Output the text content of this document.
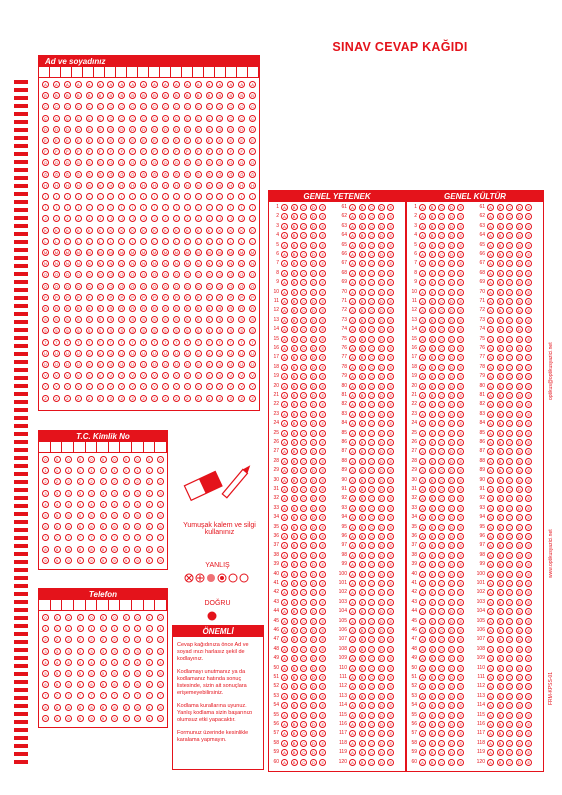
SINAV CEVAP KAĞIDI
Ad ve soyadınız
A	A	A	A	A	A	A	A	A	A	A	A	A	A	A	A	A	A	A	A
B	B	B	B	B	B	B	B	B	B	B	B	B	B	B	B	B	B	B	B
C	C	C	C	C	C	C	C	C	C	C	C	C	C	C	C	C	C	C	C
Ç	Ç	Ç	Ç	Ç	Ç	Ç	Ç	Ç	Ç	Ç	Ç	Ç	Ç	Ç	Ç	Ç	Ç	Ç	Ç
D	D	D	D	D	D	D	D	D	D	D	D	D	D	D	D	D	D	D	D
E	E	E	E	E	E	E	E	E	E	E	E	E	E	E	E	E	E	E	E
F	F	F	F	F	F	F	F	F	F	F	F	F	F	F	F	F	F	F	F
G	G	G	G	G	G	G	G	G	G	G	G	G	G	G	G	G	G	G	G
Ğ	Ğ	Ğ	Ğ	Ğ	Ğ	Ğ	Ğ	Ğ	Ğ	Ğ	Ğ	Ğ	Ğ	Ğ	Ğ	Ğ	Ğ	Ğ	Ğ
H	H	H	H	H	H	H	H	H	H	H	H	H	H	H	H	H	H	H	H
I	I	I	I	I	I	I	I	I	I	I	I	I	I	I	I	I	I	I	I
İ	İ	İ	İ	İ	İ	İ	İ	İ	İ	İ	İ	İ	İ	İ	İ	İ	İ	İ	İ
J	J	J	J	J	J	J	J	J	J	J	J	J	J	J	J	J	J	J	J
K	K	K	K	K	K	K	K	K	K	K	K	K	K	K	K	K	K	K	K
L	L	L	L	L	L	L	L	L	L	L	L	L	L	L	L	L	L	L	L
M	M	M	M	M	M	M	M	M	M	M	M	M	M	M	M	M	M	M	M
N	N	N	N	N	N	N	N	N	N	N	N	N	N	N	N	N	N	N	N
O	O	O	O	O	O	O	O	O	O	O	O	O	O	O	O	O	O	O	O
Ö	Ö	Ö	Ö	Ö	Ö	Ö	Ö	Ö	Ö	Ö	Ö	Ö	Ö	Ö	Ö	Ö	Ö	Ö	Ö
P	P	P	P	P	P	P	P	P	P	P	P	P	P	P	P	P	P	P	P
R	R	R	R	R	R	R	R	R	R	R	R	R	R	R	R	R	R	R	R
S	S	S	S	S	S	S	S	S	S	S	S	S	S	S	S	S	S	S	S
Ş	Ş	Ş	Ş	Ş	Ş	Ş	Ş	Ş	Ş	Ş	Ş	Ş	Ş	Ş	Ş	Ş	Ş	Ş	Ş
T	T	T	T	T	T	T	T	T	T	T	T	T	T	T	T	T	T	T	T
U	U	U	U	U	U	U	U	U	U	U	U	U	U	U	U	U	U	U	U
Ü	Ü	Ü	Ü	Ü	Ü	Ü	Ü	Ü	Ü	Ü	Ü	Ü	Ü	Ü	Ü	Ü	Ü	Ü	Ü
V	V	V	V	V	V	V	V	V	V	V	V	V	V	V	V	V	V	V	V
Y	Y	Y	Y	Y	Y	Y	Y	Y	Y	Y	Y	Y	Y	Y	Y	Y	Y	Y	Y
Z	Z	Z	Z	Z	Z	Z	Z	Z	Z	Z	Z	Z	Z	Z	Z	Z	Z	Z	Z
T.C. Kimlik No
0	0	0	0	0	0	0	0	0	0	0
1	1	1	1	1	1	1	1	1	1	1
2	2	2	2	2	2	2	2	2	2	2
3	3	3	3	3	3	3	3	3	3	3
4	4	4	4	4	4	4	4	4	4	4
5	5	5	5	5	5	5	5	5	5	5
6	6	6	6	6	6	6	6	6	6	6
7	7	7	7	7	7	7	7	7	7	7
8	8	8	8	8	8	8	8	8	8	8
9	9	9	9	9	9	9	9	9	9	9
Telefon
0	0	0	0	0	0	0	0	0	0	0
1	1	1	1	1	1	1	1	1	1	1
2	2	2	2	2	2	2	2	2	2	2
3	3	3	3	3	3	3	3	3	3	3
4	4	4	4	4	4	4	4	4	4	4
5	5	5	5	5	5	5	5	5	5	5
6	6	6	6	6	6	6	6	6	6	6
7	7	7	7	7	7	7	7	7	7	7
8	8	8	8	8	8	8	8	8	8	8
9	9	9	9	9	9	9	9	9	9	9
Yumuşak kalem ve silgi kullanınız
YANLIŞ
DOĞRU
ÖNEMLİ
Cevap kağıdınıza önce Ad ve soyad ınızı harlasız şekil de kodlayınız.
Kodlamayı unutmanız ya da kodlamanız hatında sonuç listesinde, sizin ait sonuçlara erişemeyebilirsiniz.
Kodlama kurallarına uyunuz. Yanlış kodlama sizin başarınızı olumsuz etki yapacaktır.
Formunuz üzerinde kesinlikle karalama yapmayın.
GENEL YETENEK
1	A	B	C	D	E
2	A	B	C	D	E
3	A	B	C	D	E
4	A	B	C	D	E
5	A	B	C	D	E
6	A	B	C	D	E
7	A	B	C	D	E
8	A	B	C	D	E
9	A	B	C	D	E
10	A	B	C	D	E
11	A	B	C	D	E
12	A	B	C	D	E
13	A	B	C	D	E
14	A	B	C	D	E
15	A	B	C	D	E
16	A	B	C	D	E
17	A	B	C	D	E
18	A	B	C	D	E
19	A	B	C	D	E
20	A	B	C	D	E
21	A	B	C	D	E
22	A	B	C	D	E
23	A	B	C	D	E
24	A	B	C	D	E
25	A	B	C	D	E
26	A	B	C	D	E
27	A	B	C	D	E
28	A	B	C	D	E
29	A	B	C	D	E
30	A	B	C	D	E
31	A	B	C	D	E
32	A	B	C	D	E
33	A	B	C	D	E
34	A	B	C	D	E
35	A	B	C	D	E
36	A	B	C	D	E
37	A	B	C	D	E
38	A	B	C	D	E
39	A	B	C	D	E
40	A	B	C	D	E
41	A	B	C	D	E
42	A	B	C	D	E
43	A	B	C	D	E
44	A	B	C	D	E
45	A	B	C	D	E
46	A	B	C	D	E
47	A	B	C	D	E
48	A	B	C	D	E
49	A	B	C	D	E
50	A	B	C	D	E
51	A	B	C	D	E
52	A	B	C	D	E
53	A	B	C	D	E
54	A	B	C	D	E
55	A	B	C	D	E
56	A	B	C	D	E
57	A	B	C	D	E
58	A	B	C	D	E
59	A	B	C	D	E
60	A	B	C	D	E
61	A	B	C	D	E
62	A	B	C	D	E
63	A	B	C	D	E
64	A	B	C	D	E
65	A	B	C	D	E
66	A	B	C	D	E
67	A	B	C	D	E
68	A	B	C	D	E
69	A	B	C	D	E
70	A	B	C	D	E
71	A	B	C	D	E
72	A	B	C	D	E
73	A	B	C	D	E
74	A	B	C	D	E
75	A	B	C	D	E
76	A	B	C	D	E
77	A	B	C	D	E
78	A	B	C	D	E
79	A	B	C	D	E
80	A	B	C	D	E
81	A	B	C	D	E
82	A	B	C	D	E
83	A	B	C	D	E
84	A	B	C	D	E
85	A	B	C	D	E
86	A	B	C	D	E
87	A	B	C	D	E
88	A	B	C	D	E
89	A	B	C	D	E
90	A	B	C	D	E
91	A	B	C	D	E
92	A	B	C	D	E
93	A	B	C	D	E
94	A	B	C	D	E
95	A	B	C	D	E
96	A	B	C	D	E
97	A	B	C	D	E
98	A	B	C	D	E
99	A	B	C	D	E
100	A	B	C	D	E
101	A	B	C	D	E
102	A	B	C	D	E
103	A	B	C	D	E
104	A	B	C	D	E
105	A	B	C	D	E
106	A	B	C	D	E
107	A	B	C	D	E
108	A	B	C	D	E
109	A	B	C	D	E
110	A	B	C	D	E
111	A	B	C	D	E
112	A	B	C	D	E
113	A	B	C	D	E
114	A	B	C	D	E
115	A	B	C	D	E
116	A	B	C	D	E
117	A	B	C	D	E
118	A	B	C	D	E
119	A	B	C	D	E
120	A	B	C	D	E
GENEL KÜLTÜR
1	A	B	C	D	E
2	A	B	C	D	E
3	A	B	C	D	E
4	A	B	C	D	E
5	A	B	C	D	E
6	A	B	C	D	E
7	A	B	C	D	E
8	A	B	C	D	E
9	A	B	C	D	E
10	A	B	C	D	E
11	A	B	C	D	E
12	A	B	C	D	E
13	A	B	C	D	E
14	A	B	C	D	E
15	A	B	C	D	E
16	A	B	C	D	E
17	A	B	C	D	E
18	A	B	C	D	E
19	A	B	C	D	E
20	A	B	C	D	E
21	A	B	C	D	E
22	A	B	C	D	E
23	A	B	C	D	E
24	A	B	C	D	E
25	A	B	C	D	E
26	A	B	C	D	E
27	A	B	C	D	E
28	A	B	C	D	E
29	A	B	C	D	E
30	A	B	C	D	E
31	A	B	C	D	E
32	A	B	C	D	E
33	A	B	C	D	E
34	A	B	C	D	E
35	A	B	C	D	E
36	A	B	C	D	E
37	A	B	C	D	E
38	A	B	C	D	E
39	A	B	C	D	E
40	A	B	C	D	E
41	A	B	C	D	E
42	A	B	C	D	E
43	A	B	C	D	E
44	A	B	C	D	E
45	A	B	C	D	E
46	A	B	C	D	E
47	A	B	C	D	E
48	A	B	C	D	E
49	A	B	C	D	E
50	A	B	C	D	E
51	A	B	C	D	E
52	A	B	C	D	E
53	A	B	C	D	E
54	A	B	C	D	E
55	A	B	C	D	E
56	A	B	C	D	E
57	A	B	C	D	E
58	A	B	C	D	E
59	A	B	C	D	E
60	A	B	C	D	E
61	A	B	C	D	E
62	A	B	C	D	E
63	A	B	C	D	E
64	A	B	C	D	E
65	A	B	C	D	E
66	A	B	C	D	E
67	A	B	C	D	E
68	A	B	C	D	E
69	A	B	C	D	E
70	A	B	C	D	E
71	A	B	C	D	E
72	A	B	C	D	E
73	A	B	C	D	E
74	A	B	C	D	E
75	A	B	C	D	E
76	A	B	C	D	E
77	A	B	C	D	E
78	A	B	C	D	E
79	A	B	C	D	E
80	A	B	C	D	E
81	A	B	C	D	E
82	A	B	C	D	E
83	A	B	C	D	E
84	A	B	C	D	E
85	A	B	C	D	E
86	A	B	C	D	E
87	A	B	C	D	E
88	A	B	C	D	E
89	A	B	C	D	E
90	A	B	C	D	E
91	A	B	C	D	E
92	A	B	C	D	E
93	A	B	C	D	E
94	A	B	C	D	E
95	A	B	C	D	E
96	A	B	C	D	E
97	A	B	C	D	E
98	A	B	C	D	E
99	A	B	C	D	E
100	A	B	C	D	E
101	A	B	C	D	E
102	A	B	C	D	E
103	A	B	C	D	E
104	A	B	C	D	E
105	A	B	C	D	E
106	A	B	C	D	E
107	A	B	C	D	E
108	A	B	C	D	E
109	A	B	C	D	E
110	A	B	C	D	E
111	A	B	C	D	E
112	A	B	C	D	E
113	A	B	C	D	E
114	A	B	C	D	E
115	A	B	C	D	E
116	A	B	C	D	E
117	A	B	C	D	E
118	A	B	C	D	E
119	A	B	C	D	E
120	A	B	C	D	E
optikus@optikusyazici.net
www.optikusyazici.net
FRM-KPSS-01
